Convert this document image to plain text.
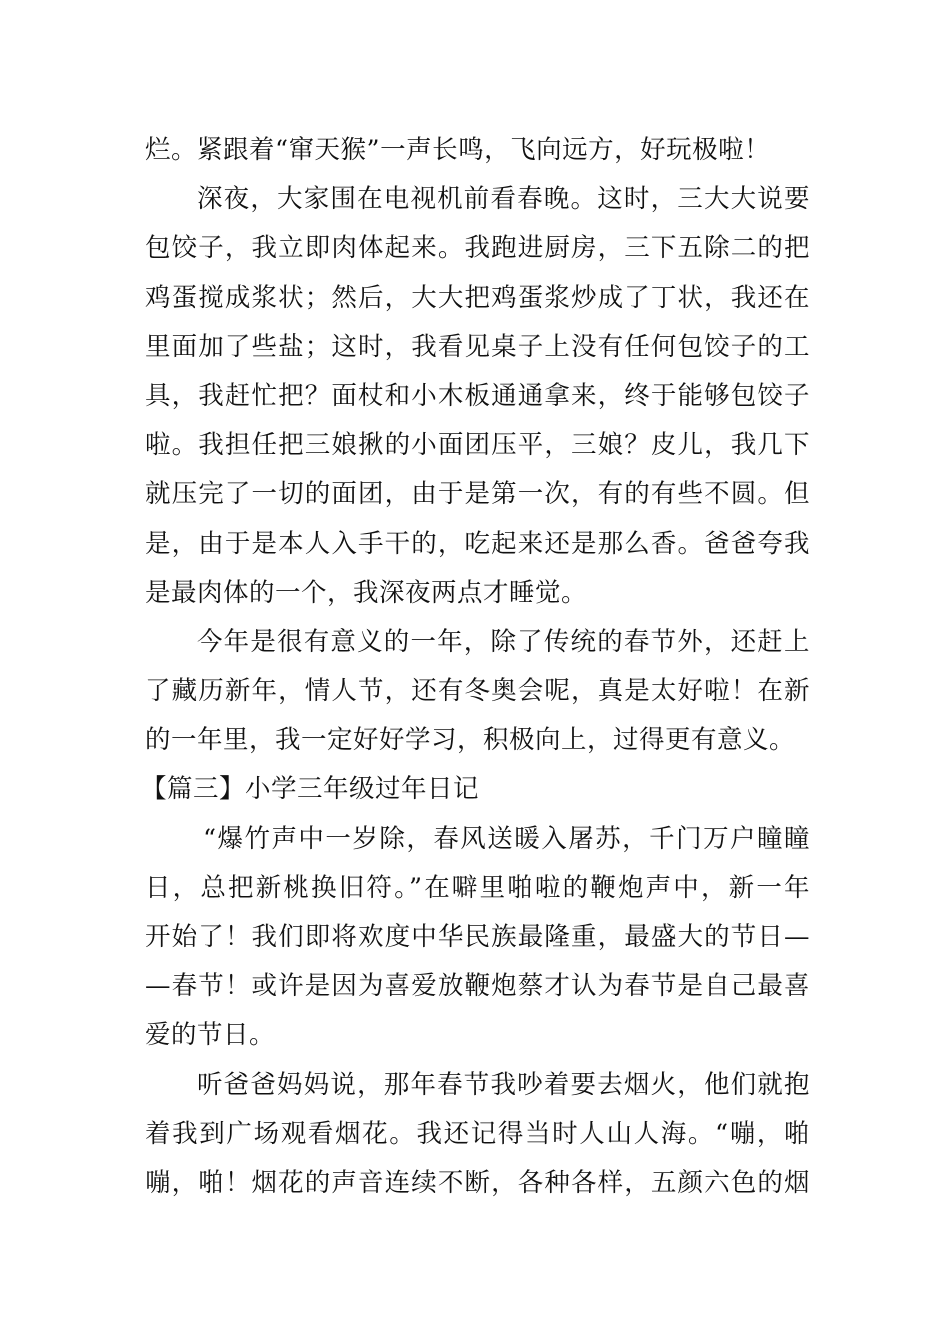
烂。紧跟着“窜天猴”一声长鸣，飞向远方，好玩极啦！
深夜，大家围在电视机前看春晚。这时，三大大说要
包饺子，我立即肉体起来。我跑进厨房，三下五除二的把
鸡蛋搅成浆状；然后，大大把鸡蛋浆炒成了丁状，我还在
里面加了些盐；这时，我看见桌子上没有任何包饺子的工
具，我赶忙把？面杖和小木板通通拿来，终于能够包饺子
啦。我担任把三娘揪的小面团压平，三娘？皮儿，我几下
就压完了一切的面团，由于是第一次，有的有些不圆。但
是，由于是本人入手干的，吃起来还是那么香。爸爸夸我
是最肉体的一个，我深夜两点才睡觉。
今年是很有意义的一年，除了传统的春节外，还赶上
了藏历新年，情人节，还有冬奥会呢，真是太好啦！在新
的一年里，我一定好好学习，积极向上，过得更有意义。
【篇三】小学三年级过年日记
“爆竹声中一岁除，春风送暖入屠苏，千门万户瞳瞳
日，总把新桃换旧符。”在噼里啪啦的鞭炮声中，新一年
开始了！我们即将欢度中华民族最隆重，最盛大的节日—
—春节！或许是因为喜爱放鞭炮蔡才认为春节是自己最喜
爱的节日。
听爸爸妈妈说，那年春节我吵着要去烟火，他们就抱
着我到广场观看烟花。我还记得当时人山人海。“嘣，啪
嘣，啪！烟花的声音连续不断，各种各样，五颜六色的烟
